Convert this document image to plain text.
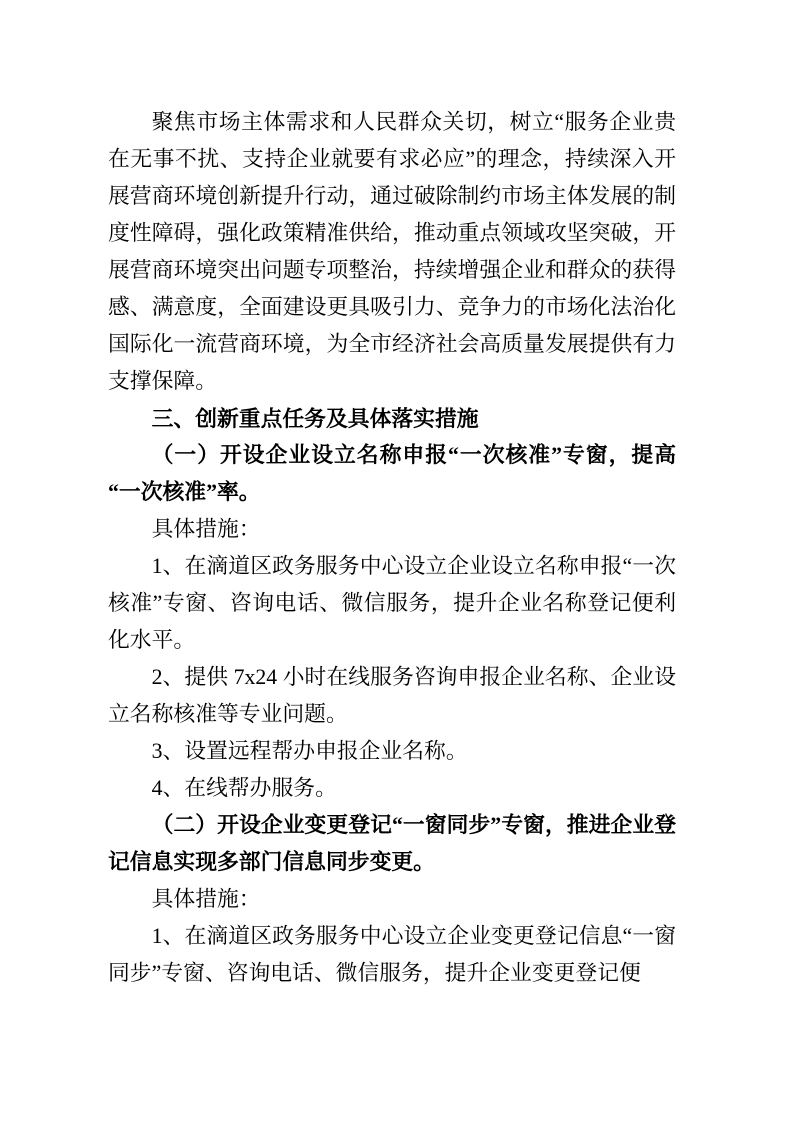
聚焦市场主体需求和人民群众关切，树立“服务企业贵在无事不扰、支持企业就要有求必应”的理念，持续深入开展营商环境创新提升行动，通过破除制约市场主体发展的制度性障碍，强化政策精准供给，推动重点领域攻坚突破，开展营商环境突出问题专项整治，持续增强企业和群众的获得感、满意度，全面建设更具吸引力、竞争力的市场化法治化国际化一流营商环境，为全市经济社会高质量发展提供有力支撑保障。

三、创新重点任务及具体落实措施

（一）开设企业设立名称申报“一次核准”专窗，提高“一次核准”率。

具体措施：

1、在滴道区政务服务中心设立企业设立名称申报“一次核准”专窗、咨询电话、微信服务，提升企业名称登记便利化水平。

2、提供 7x24 小时在线服务咨询申报企业名称、企业设立名称核准等专业问题。

3、设置远程帮办申报企业名称。

4、在线帮办服务。

（二）开设企业变更登记“一窗同步”专窗，推进企业登记信息实现多部门信息同步变更。

具体措施：

1、在滴道区政务服务中心设立企业变更登记信息“一窗同步”专窗、咨询电话、微信服务，提升企业变更登记便
